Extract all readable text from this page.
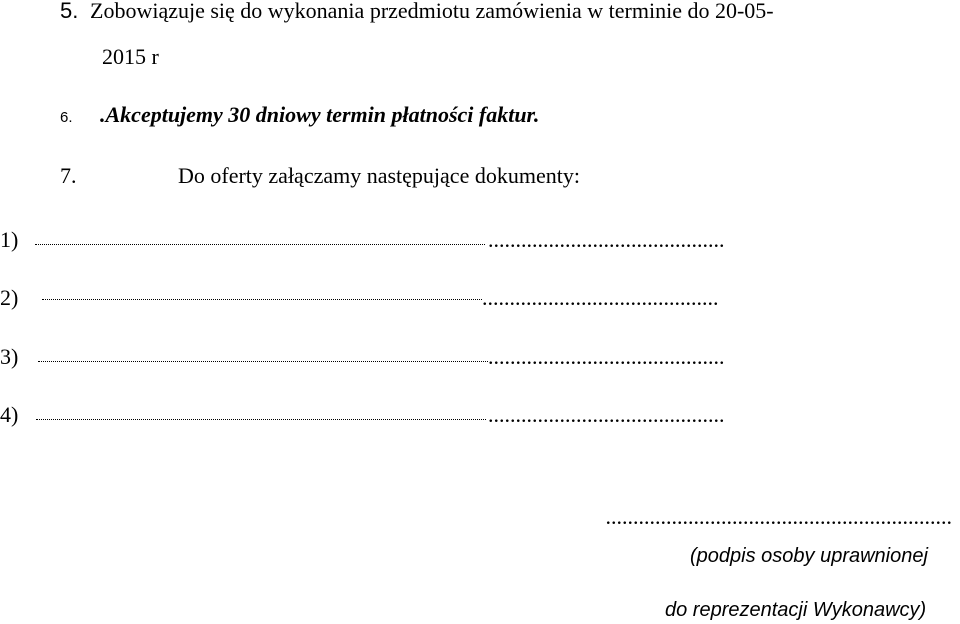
5. Zobowiązuje się do wykonania przedmiotu zamówienia w terminie do 20-05-
2015 r
6. .Akceptujemy 30 dniowy termin płatności faktur.
7.	Do oferty załączamy następujące dokumenty:
1)	...........................................
2)	...........................................
3)	...........................................
4)	...........................................
...............................................................
(podpis osoby uprawnionej
do reprezentacji Wykonawcy)
